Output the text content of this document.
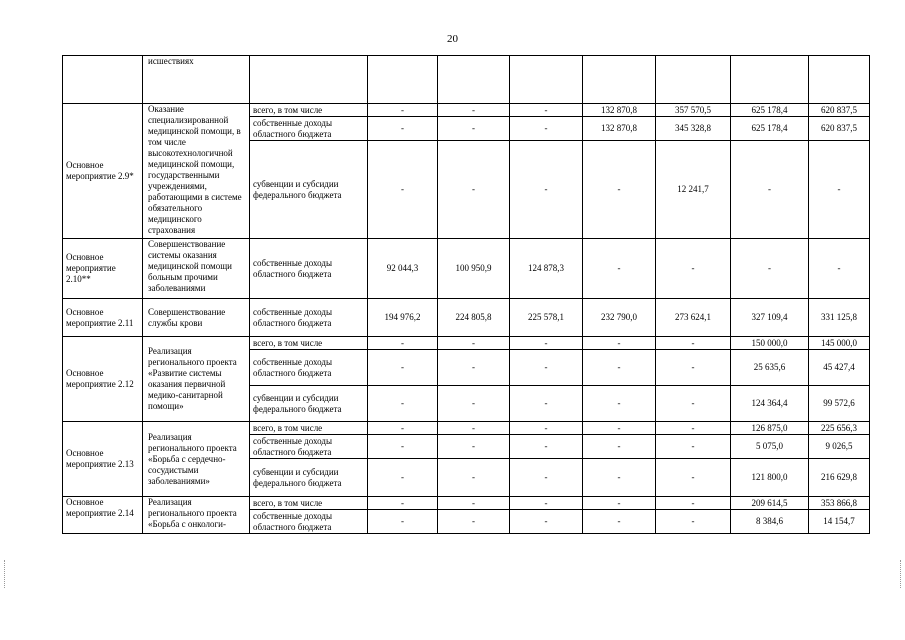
20
	исшествиях								
Основное мероприятие 2.9*	Оказание специализированной медицинской помощи, в том числе высокотехнологичной медицинской помощи, государственными учреждениями, работающими в системе обязательного медицинского страхования	всего, в том числе	-	-	-	132 870,8	357 570,5	625 178,4	620 837,5
		собственные доходы областного бюджета	-	-	-	132 870,8	345 328,8	625 178,4	620 837,5
		субвенции и субсидии федерального бюджета	-	-	-	-	12 241,7	-	-
Основное мероприятие 2.10**	Совершенствование системы оказания медицинской помощи больным прочими заболеваниями	собственные доходы областного бюджета	92 044,3	100 950,9	124 878,3	-	-	-	-
Основное мероприятие 2.11	Совершенствование службы крови	собственные доходы областного бюджета	194 976,2	224 805,8	225 578,1	232 790,0	273 624,1	327 109,4	331 125,8
Основное мероприятие 2.12	Реализация регионального проекта «Развитие системы оказания первичной медико-санитарной помощи»	всего, в том числе	-	-	-	-	-	150 000,0	145 000,0
		собственные доходы областного бюджета	-	-	-	-	-	25 635,6	45 427,4
		субвенции и субсидии федерального бюджета	-	-	-	-	-	124 364,4	99 572,6
Основное мероприятие 2.13	Реализация регионального проекта «Борьба с сердечно-сосудистыми заболеваниями»	всего, в том числе	-	-	-	-	-	126 875,0	225 656,3
		собственные доходы областного бюджета	-	-	-	-	-	5 075,0	9 026,5
		субвенции и субсидии федерального бюджета	-	-	-	-	-	121 800,0	216 629,8
Основное мероприятие 2.14	Реализация регионального проекта «Борьба с онкологи-	всего, в том числе	-	-	-	-	-	209 614,5	353 866,8
		собственные доходы областного бюджета	-	-	-	-	-	8 384,6	14 154,7
